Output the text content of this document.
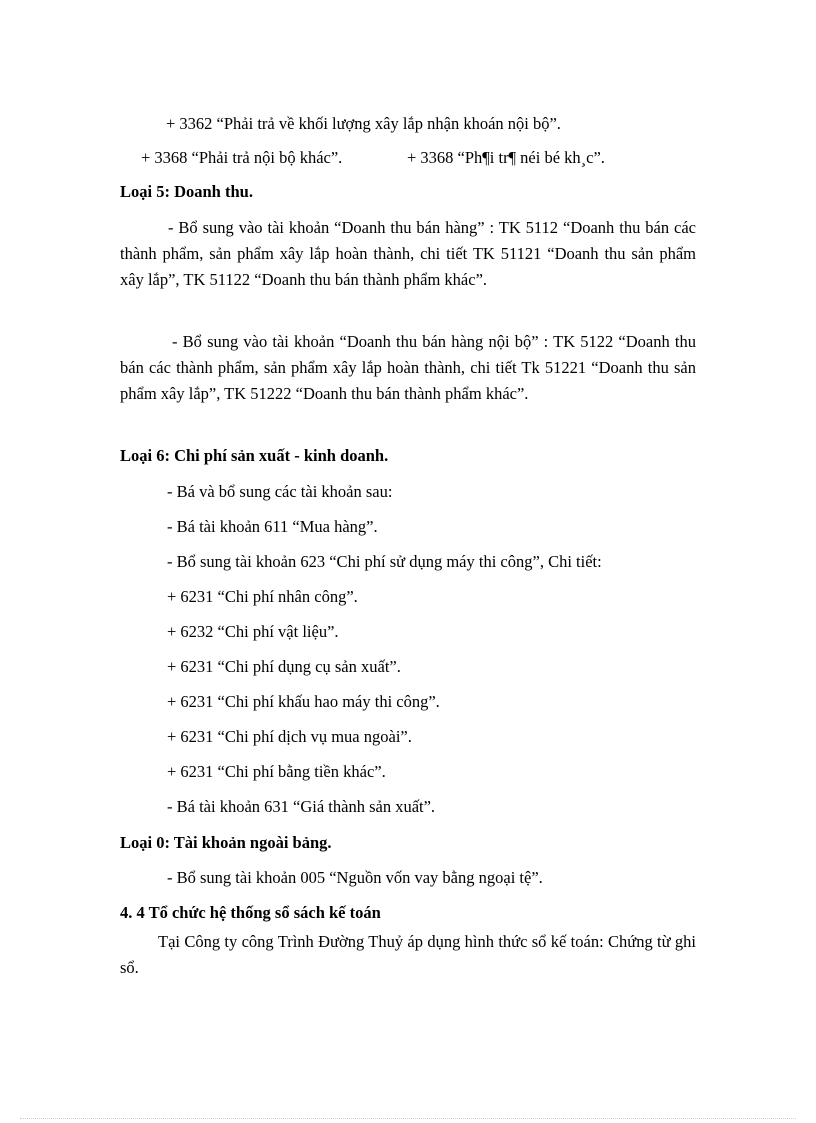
+ 3362 “Phải trả về khối lượng xây lắp nhận khoán nội bộ”.
+ 3368 “Phải trả nội bộ khác”.	+ 3368 “Ph¶i tr¶ néi bé kh¸c”.
Loại 5: Doanh thu.
- Bổ sung vào tài khoản “Doanh thu bán hàng” : TK 5112 “Doanh thu bán các thành phẩm, sản phẩm xây lắp hoàn thành, chi tiết TK 51121 “Doanh thu sản phẩm xây lắp”, TK 51122 “Doanh thu bán thành phẩm khác”.
- Bổ sung vào tài khoản “Doanh thu bán hàng nội bộ” : TK 5122 “Doanh thu bán các thành phẩm, sản phẩm xây lắp hoàn thành, chi tiết Tk 51221 “Doanh thu sản phẩm xây lắp”, TK 51222 “Doanh thu bán thành phẩm khác”.
Loại 6: Chi phí sản xuất - kinh doanh.
- Bá và bổ sung các tài khoản sau:
- Bá tài khoản 611 “Mua hàng”.
- Bổ sung tài khoản 623 “Chi phí sử dụng máy thi công”, Chi tiết:
+ 6231 “Chi phí nhân công”.
+ 6232 “Chi phí vật liệu”.
+ 6231 “Chi phí dụng cụ sản xuất”.
+ 6231 “Chi phí khấu hao máy thi công”.
+ 6231 “Chi phí dịch vụ mua ngoài”.
+ 6231 “Chi phí bằng tiền khác”.
- Bá tài khoản 631 “Giá thành sản xuất”.
Loại 0: Tài khoản ngoài bảng.
- Bổ sung tài khoản 005 “Nguồn vốn vay bằng ngoại tệ”.
4. 4 Tổ chức hệ thống sổ sách kế toán
Tại Công ty công Trình Đường Thuỷ áp dụng hình thức sổ kế toán: Chứng từ ghi sổ.
